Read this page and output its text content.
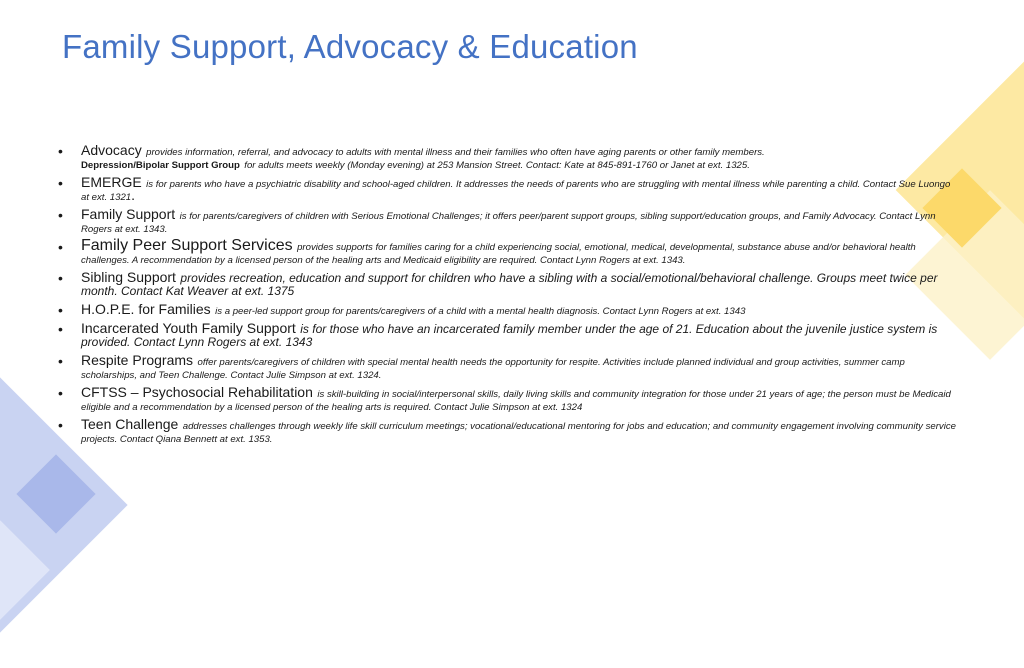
Family Support, Advocacy & Education
• Advocacy provides information, referral, and advocacy to adults with mental illness and their families who often have aging parents or other family members.
Depression/Bipolar Support Group for adults meets weekly (Monday evening) at 253 Mansion Street. Contact: Kate at 845-891-1760 or Janet at ext. 1325.
• EMERGE is for parents who have a psychiatric disability and school-aged children. It addresses the needs of parents who are struggling with mental illness while parenting a child. Contact Sue Luongo at ext. 1321.
• Family Support is for parents/caregivers of children with Serious Emotional Challenges; it offers peer/parent support groups, sibling support/education groups, and Family Advocacy. Contact Lynn Rogers at ext. 1343.
• Family Peer Support Services provides supports for families caring for a child experiencing social, emotional, medical, developmental, substance abuse and/or behavioral health challenges. A recommendation by a licensed person of the healing arts and Medicaid eligibility are required. Contact Lynn Rogers at ext. 1343.
• Sibling Support provides recreation, education and support for children who have a sibling with a social/emotional/behavioral challenge. Groups meet twice per month. Contact Kat Weaver at ext. 1375
• H.O.P.E. for Families is a peer-led support group for parents/caregivers of a child with a mental health diagnosis. Contact Lynn Rogers at ext. 1343
• Incarcerated Youth Family Support is for those who have an incarcerated family member under the age of 21. Education about the juvenile justice system is provided. Contact Lynn Rogers at ext. 1343
• Respite Programs offer parents/caregivers of children with special mental health needs the opportunity for respite. Activities include planned individual and group activities, summer camp scholarships, and Teen Challenge. Contact Julie Simpson at ext. 1324.
• CFTSS – Psychosocial Rehabilitation is skill-building in social/interpersonal skills, daily living skills and community integration for those under 21 years of age; the person must be Medicaid eligible and a recommendation by a licensed person of the healing arts is required. Contact Julie Simpson at ext. 1324
• Teen Challenge addresses challenges through weekly life skill curriculum meetings; vocational/educational mentoring for jobs and education; and community engagement involving community service projects. Contact Qiana Bennett at ext. 1353.
